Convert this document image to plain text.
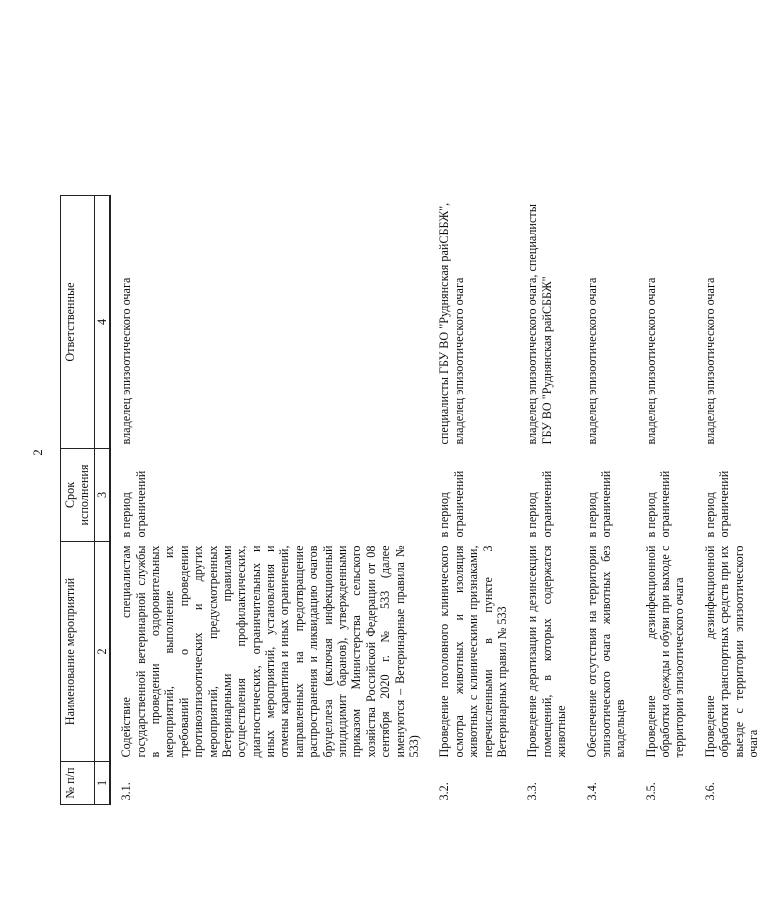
2
№ п/п	Наименование мероприятий	Срок исполнения	Ответственные
1	2	3	4
3.1.	Содействие специалистам государственной ветеринарной службы в проведении оздоровительных мероприятий, выполнение их требований о проведении противоэпизоотических и других мероприятий, предусмотренных Ветеринарными правилами осуществления профилактических, диагностических, ограничительных и иных мероприятий, установления и отмены карантина и иных ограничений, направленных на предотвращение распространения и ликвидацию очагов бруцеллеза (включая инфекционный эпидидимит баранов), утвержденными приказом Министерства сельского хозяйства Российской Федерации от 08 сентября 2020 г. № 533 (далее именуются – Ветеринарные правила № 533)	в период ограничений	владелец эпизоотического очага
3.2.	Проведение поголовного клинического осмотра животных и изоляция животных с клиническими признаками, перечисленными в пункте 3 Ветеринарных правил № 533	в период ограничений	специалисты ГБУ ВО "Руднянская райСББЖ", владелец эпизоотического очага
3.3.	Проведение дератизации и дезинсекции помещений, в которых содержатся животные	в период ограничений	владелец эпизоотического очага, специалисты ГБУ ВО "Руднянская райСББЖ"
3.4.	Обеспечение отсутствия на территории эпизоотического очага животных без владельцев	в период ограничений	владелец эпизоотического очага
3.5.	Проведение дезинфекционной обработки одежды и обуви при выходе с территории эпизоотического очага	в период ограничений	владелец эпизоотического очага
3.6.	Проведение дезинфекционной обработки транспортных средств при их выезде с территории эпизоотического очага	в период ограничений	владелец эпизоотического очага
